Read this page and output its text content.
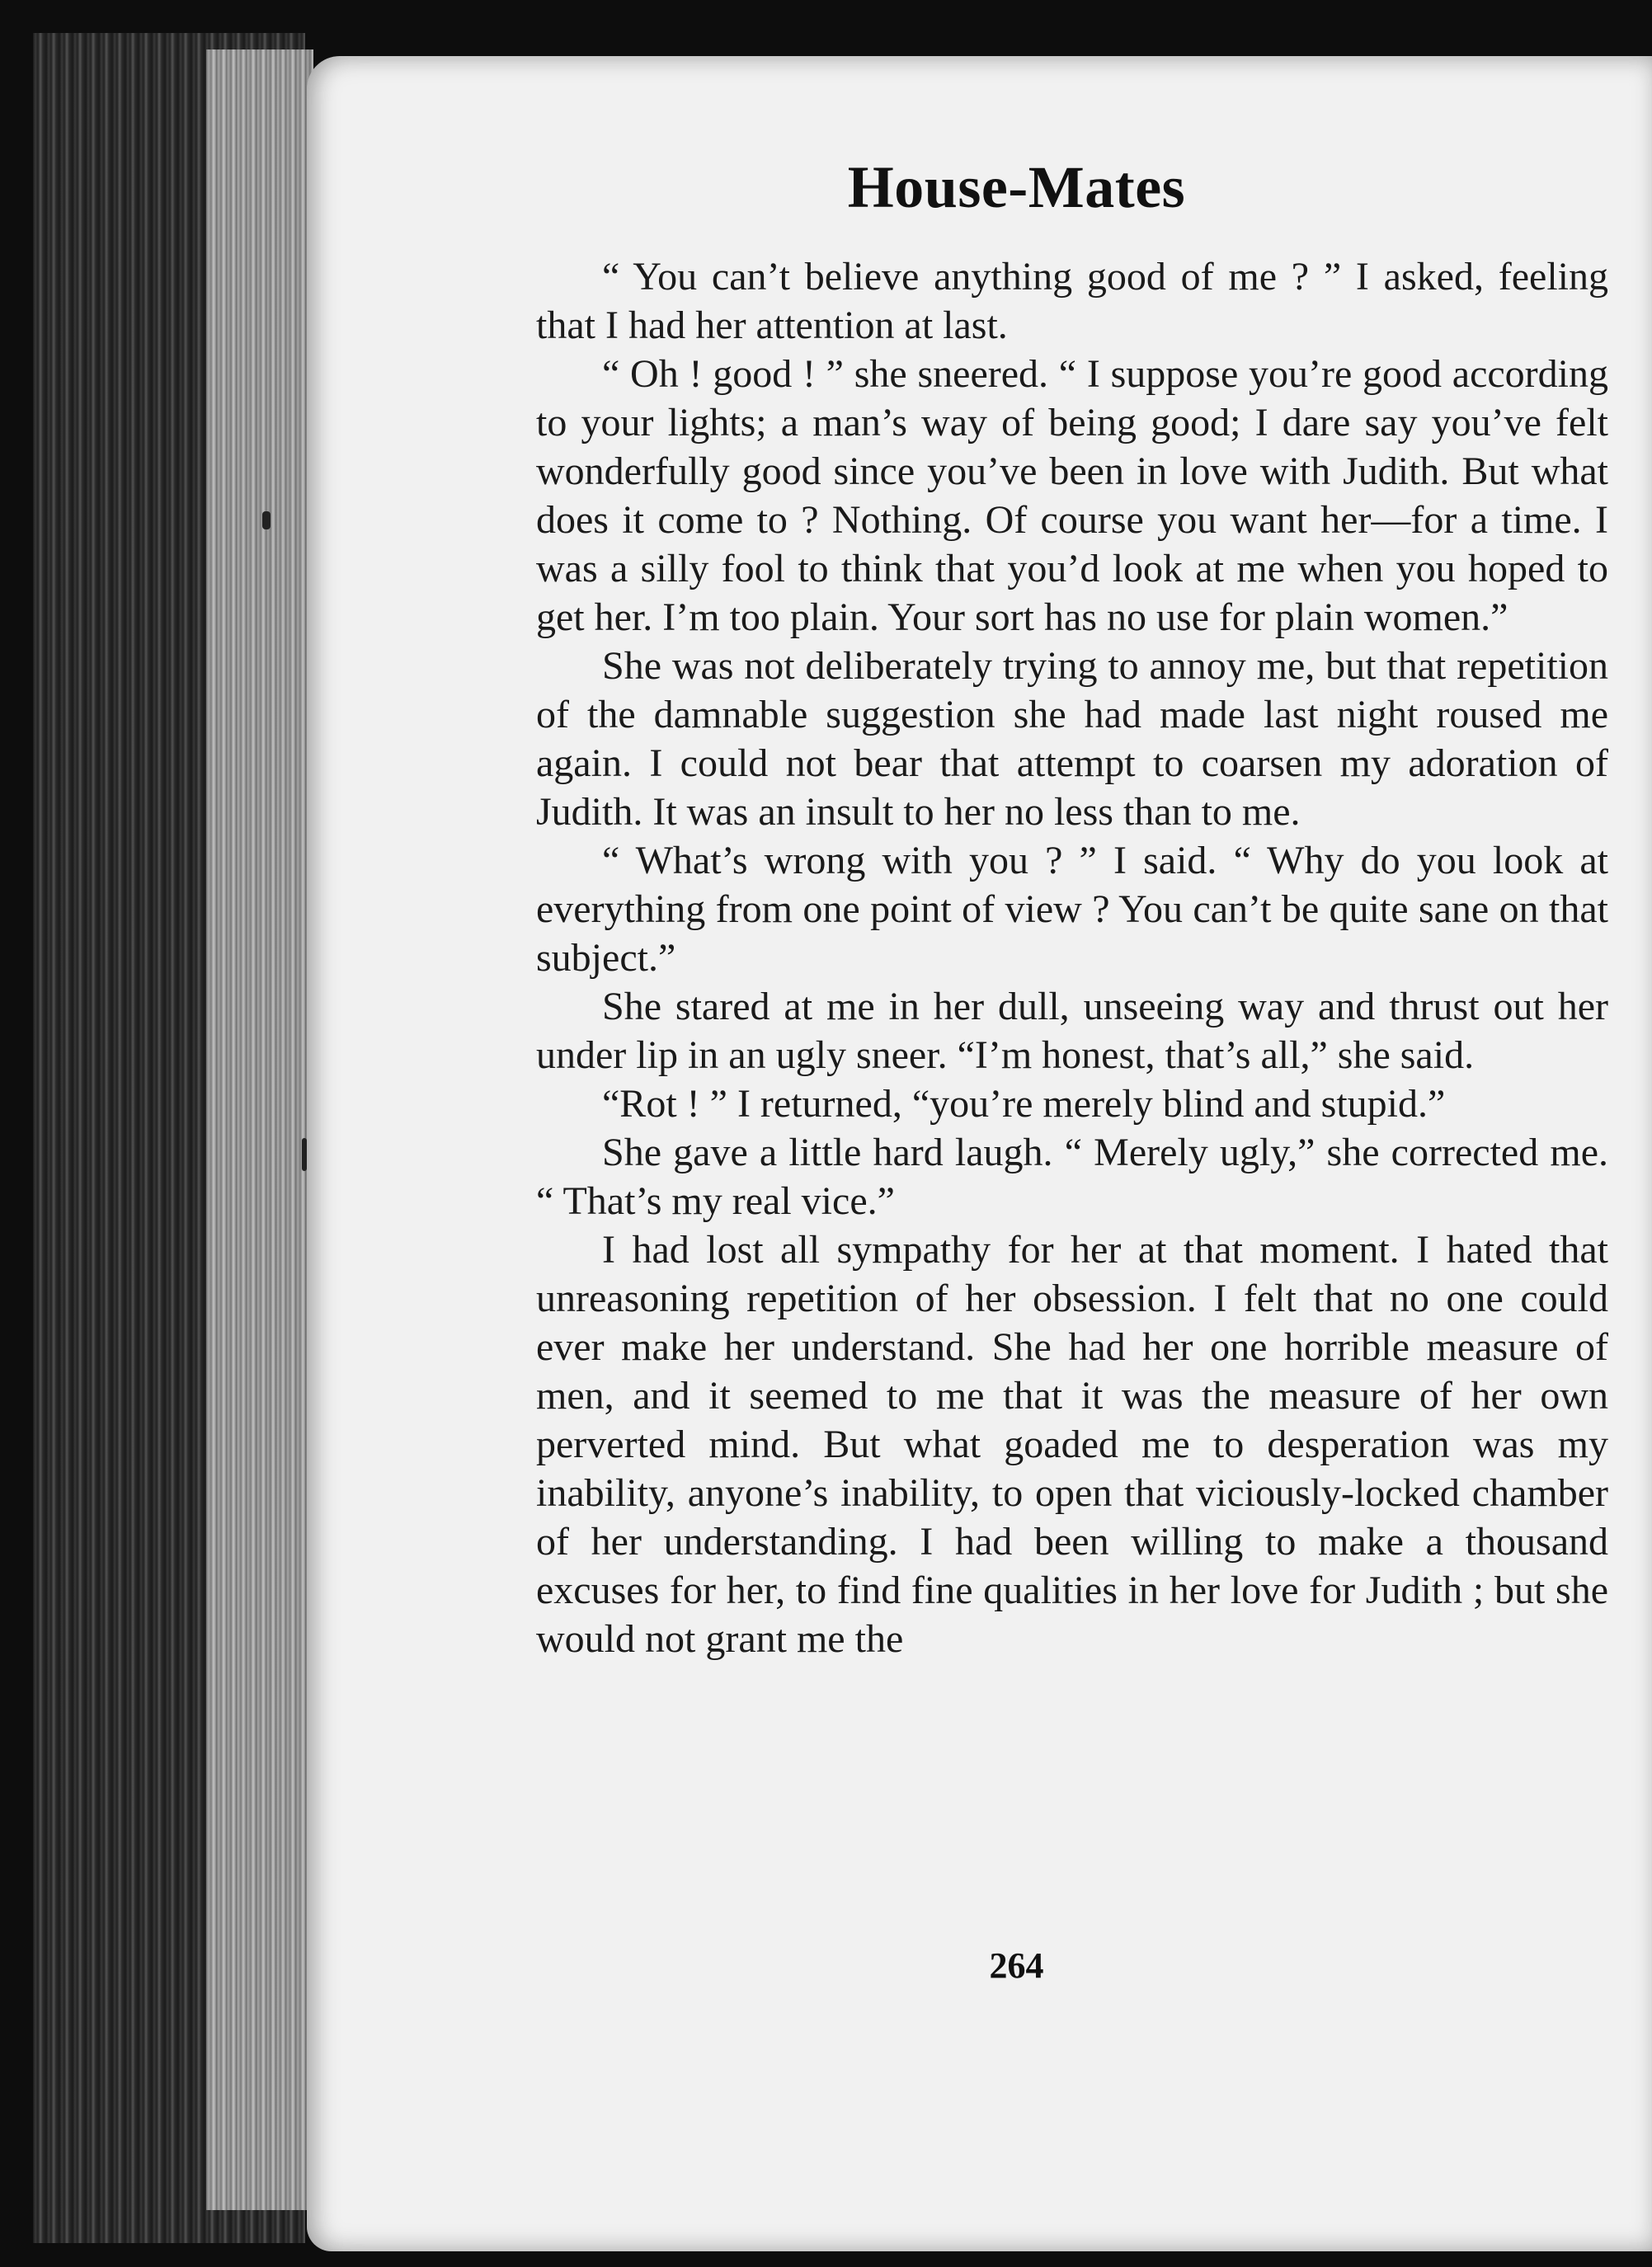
House-Mates

“ You can’t believe anything good of me ? ” I asked, feeling that I had her attention at last.

“ Oh ! good ! ” she sneered. “ I suppose you’re good according to your lights; a man’s way of being good; I dare say you’ve felt wonderfully good since you’ve been in love with Judith. But what does it come to ? Nothing. Of course you want her—for a time. I was a silly fool to think that you’d look at me when you hoped to get her. I’m too plain. Your sort has no use for plain women.”

She was not deliberately trying to annoy me, but that repetition of the damnable suggestion she had made last night roused me again. I could not bear that attempt to coarsen my adoration of Judith. It was an insult to her no less than to me.

“ What’s wrong with you ? ” I said. “ Why do you look at everything from one point of view ? You can’t be quite sane on that subject.”

She stared at me in her dull, unseeing way and thrust out her under lip in an ugly sneer. “I’m honest, that’s all,” she said.

“Rot ! ” I returned, “you’re merely blind and stupid.”

She gave a little hard laugh. “ Merely ugly,” she corrected me. “ That’s my real vice.”

I had lost all sympathy for her at that moment. I hated that unreasoning repetition of her obsession. I felt that no one could ever make her understand. She had her one horrible measure of men, and it seemed to me that it was the measure of her own perverted mind. But what goaded me to desperation was my inability, anyone’s inability, to open that viciously-locked chamber of her understanding. I had been willing to make a thousand excuses for her, to find fine qualities in her love for Judith ; but she would not grant me the

264
